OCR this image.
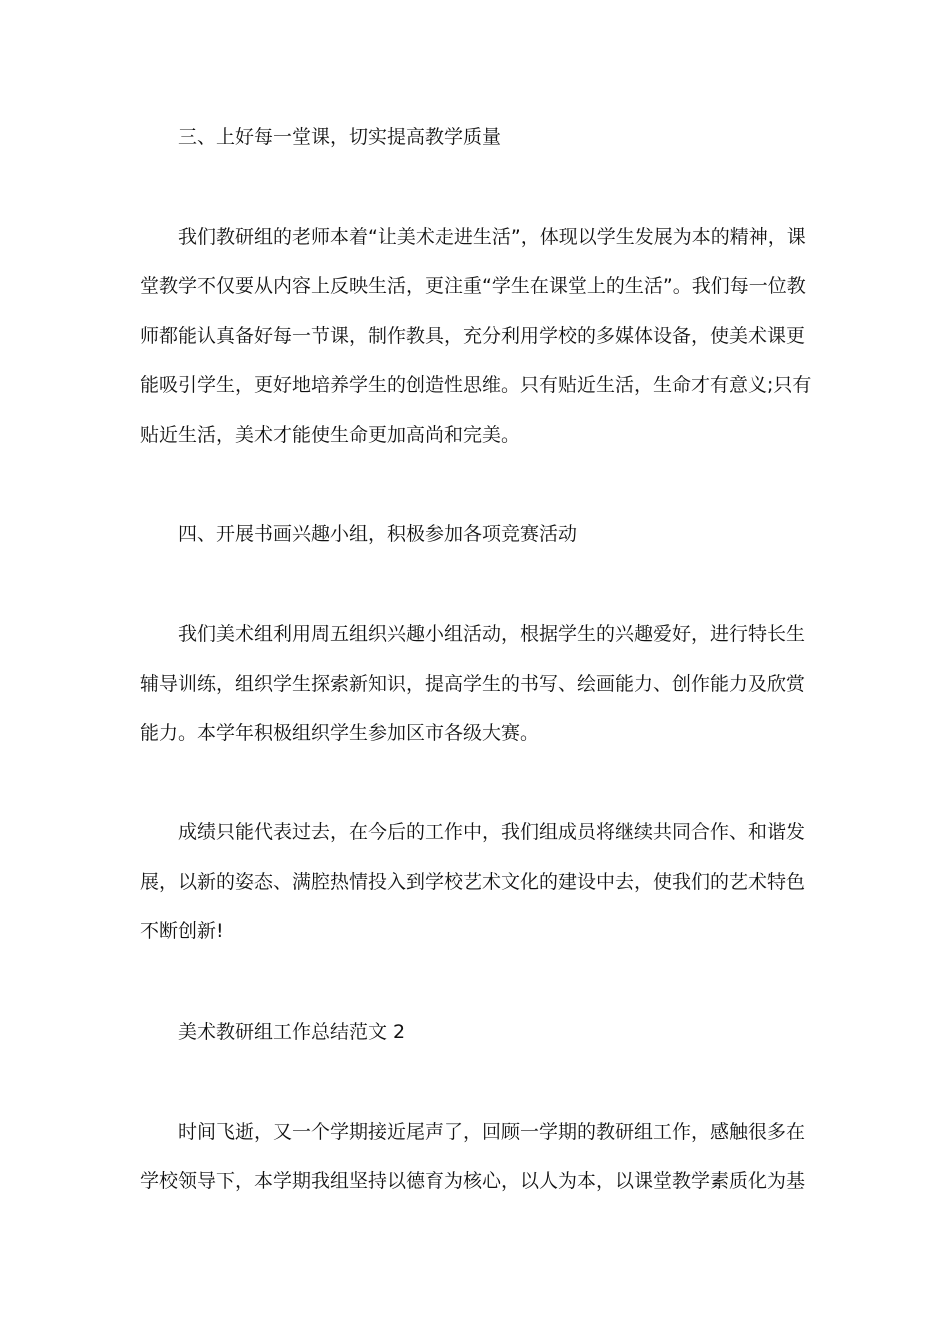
三、上好每一堂课，切实提高教学质量
我们教研组的老师本着“让美术走进生活”，体现以学生发展为本的精神，课
堂教学不仅要从内容上反映生活，更注重“学生在课堂上的生活”。我们每一位教
师都能认真备好每一节课，制作教具，充分利用学校的多媒体设备，使美术课更
能吸引学生，更好地培养学生的创造性思维。只有贴近生活，生命才有意义;只有
贴近生活，美术才能使生命更加高尚和完美。
四、开展书画兴趣小组，积极参加各项竞赛活动
我们美术组利用周五组织兴趣小组活动，根据学生的兴趣爱好，进行特长生
辅导训练，组织学生探索新知识，提高学生的书写、绘画能力、创作能力及欣赏
能力。本学年积极组织学生参加区市各级大赛。
成绩只能代表过去，在今后的工作中，我们组成员将继续共同合作、和谐发
展，以新的姿态、满腔热情投入到学校艺术文化的建设中去，使我们的艺术特色
不断创新!
美术教研组工作总结范文 2
时间飞逝，又一个学期接近尾声了，回顾一学期的教研组工作，感触很多在
学校领导下，本学期我组坚持以德育为核心，以人为本，以课堂教学素质化为基
